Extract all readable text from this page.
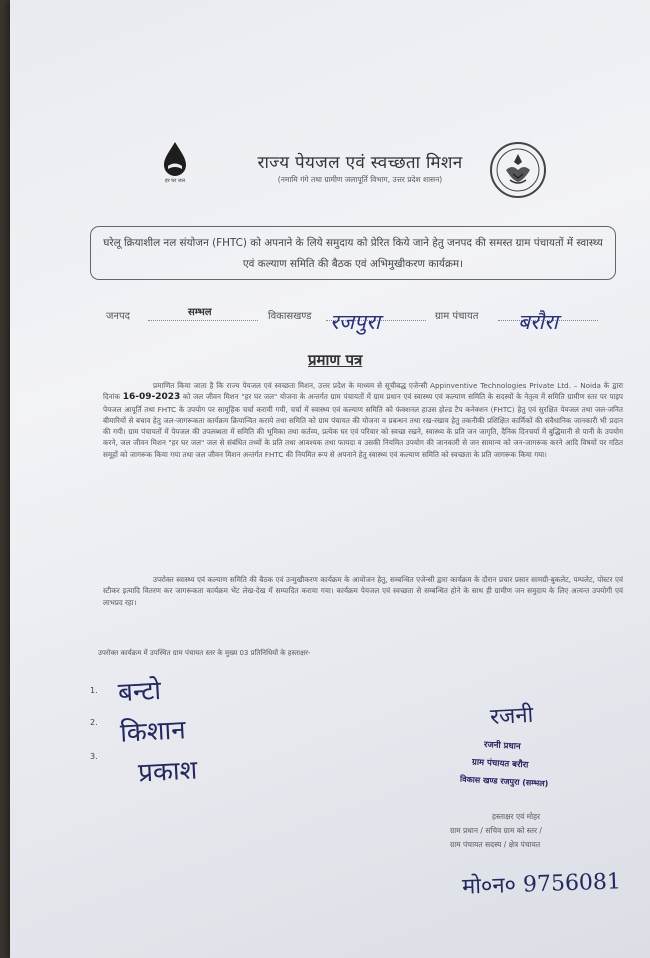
हर घर जल
राज्य पेयजल एवं स्वच्छता मिशन
(नमामि गंगे तथा ग्रामीण जलापूर्ति विभाग, उत्तर प्रदेश शासन)
घरेलू क्रियाशील नल संयोजन (FHTC) को अपनाने के लिये समुदाय को प्रेरित किये जाने हेतु जनपद की समस्त ग्राम पंचायतों में स्वास्थ्य एवं कल्याण समिति की बैठक एवं अभिमुखीकरण कार्यक्रम।
जनपद	सम्भल	विकासखण्ड रजपुरा	ग्राम पंचायत बरौरा
प्रमाण पत्र
प्रमाणित किया जाता है कि राज्य पेयजल एवं स्वच्छता मिशन, उत्तर प्रदेश के माध्यम से सूचीबद्ध एजेन्सी Appinventive Technologies Private Ltd. – Noida के द्वारा दिनांक 16-09-2023 को जल जीवन मिशन "हर घर जल" योजना के अन्तर्गत ग्राम पंचायतों में ग्राम प्रधान एवं स्वास्थ्य एवं कल्याण समिति के सदस्यों के नेतृत्व में समिति ग्रामीण स्तर पर पाइप पेयजल आपूर्ति तथा FHTC के उपयोग पर सामूहिक चर्चा करायी गयी, चर्चा में स्वास्थ्य एवं कल्याण समिति को फंक्शनल हाउस होल्ड टैप कनेक्शन (FHTC) हेतु एवं सुरक्षित पेयजल तथा जल-जनित बीमारियों से बचाव हेतु जल-जागरूकता कार्यक्रम क्रियान्वित कराये तथा समिति को ग्राम पंचायत की योजना व प्रबन्धन तथा रख-रखाव हेतु तकनीकी प्रशिक्षित कार्मिकों की संवैधानिक जानकारी भी प्रदान की गयी। ग्राम पंचायतों में पेयजल की उपलब्धता में समिति की भूमिका तथा कर्तव्य, प्रत्येक घर एवं परिवार को स्वच्छ रखने, स्वास्थ्य के प्रति जन जागृति, दैनिक दिनचर्या में बुद्धिमानी से पानी के उपयोग करने, जल जीवन मिशन "हर घर जल" जल से संबंधित तथ्यों के प्रति तथा आवश्यक तथा फायदा व उसकी नियमित उपयोग की जानकारी से जन सामान्य को जन-जागरूक करने आदि विषयों पर गठित समूहों को जागरूक किया गया तथा जल जीवन मिशन अन्तर्गत FHTC की नियमित रूप से अपनाने हेतु स्वास्थ्य एवं कल्याण समिति को स्वच्छता के प्रति जागरूक किया गया।
उपरोक्त स्वास्थ्य एवं कल्याण समिति की बैठक एवं उन्मुखीकरण कार्यक्रम के आयोजन हेतु, सम्बन्धित एजेन्सी द्वारा कार्यक्रम के दौरान प्रचार प्रसार सामग्री-बुकलेट, पम्पलेट, पोस्टर एवं स्टीकर इत्यादि वितरण कर जागरूकता कार्यक्रम भेंट लेख-देख में सम्पादित कराया गया। कार्यक्रम पेयजल एवं स्वच्छता से सम्बन्धित होने के साथ ही ग्रामीण जन समुदाय के लिए अत्यन्त उपयोगी एवं लाभप्रद रहा।
उपरोक्त कार्यक्रम में उपस्थित ग्राम पंचायत स्तर के मुख्य 03 प्रतिनिधियों के हस्ताक्षर-
1. बन्टो
2. किशान
3. प्रकाश
रजनी
रजनी प्रधान
ग्राम पंचायत बरौरा
विकास खण्ड रजपुरा (सम्भल)
हस्ताक्षर एवं मोहर
ग्राम प्रधान / सचिव ग्राम को स्तर /
ग्राम पंचायत सदस्य / क्षेत्र पंचायत
मो०न० 9756081
